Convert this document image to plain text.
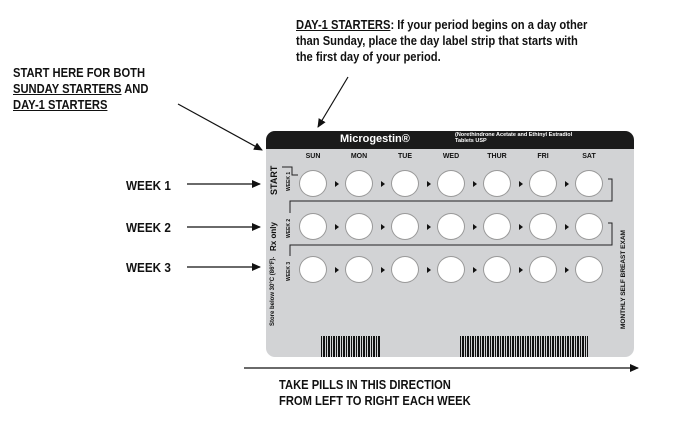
DAY-1 STARTERS: If your period begins on a day other
than Sunday, place the day label strip that starts with
the first day of your period.
START HERE FOR BOTH
SUNDAY STARTERS AND
DAY-1 STARTERS
WEEK 1
WEEK 2
WEEK 3
Microgestin®	(Norethindrone Acetate and Ethinyl Estradiol Tablets USP
SUN	MON	TUE	WED	THUR	FRI	SAT
START WEEK 1
WEEK 2
WEEK 3
Rx only
Store below 30°C (86°F).	MONTHLY SELF BREAST EXAM
TAKE PILLS IN THIS DIRECTION
FROM LEFT TO RIGHT EACH WEEK
